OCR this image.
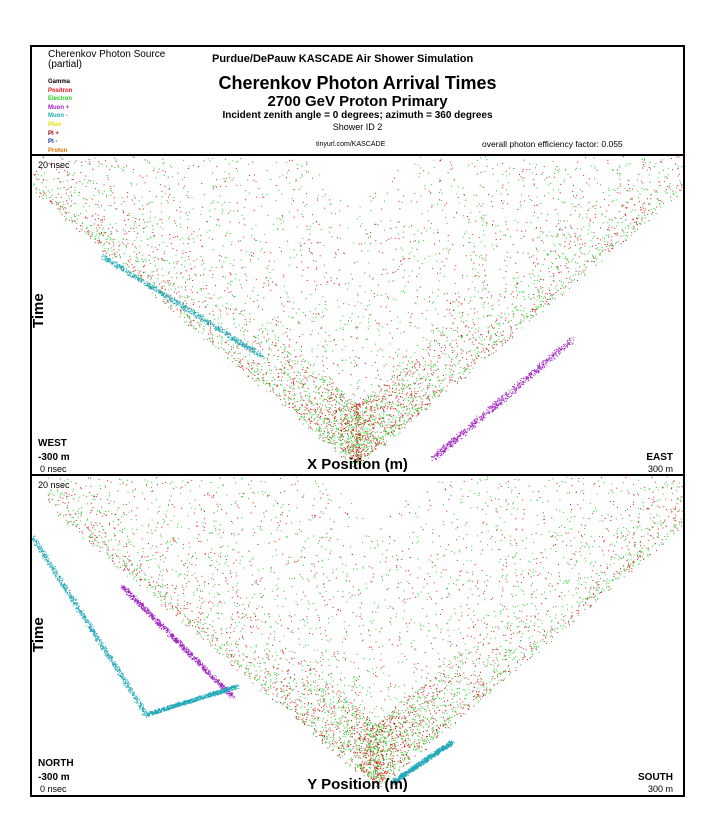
Cherenkov Photon Source
(partial)
Gamma
Positron
Electron
Muon +
Muon -
Pion
PI +
PI -
Proton
Purdue/DePauw KASCADE Air Shower Simulation
Cherenkov Photon Arrival Times
2700 GeV Proton Primary
Incident zenith angle = 0 degrees; azimuth = 360 degrees
Shower ID 2
tinyurl.com/KASCADE	overall photon efficiency factor: 0.055
20 nsec
Time
WEST
-300 m
0 nsec
EAST
300 m
X Position (m)
20 nsec
Time
NORTH
-300 m
0 nsec
SOUTH
300 m
Y Position (m)
